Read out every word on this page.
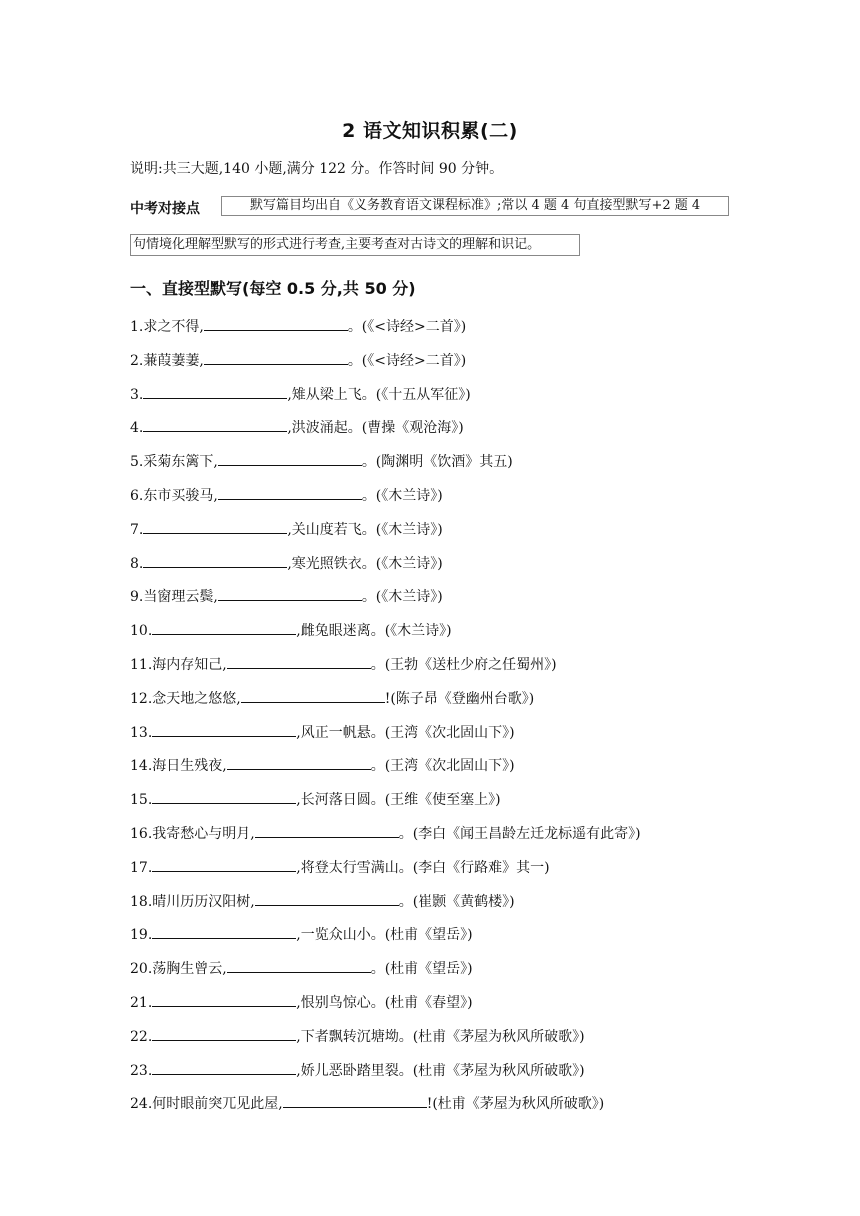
2 语文知识积累(二)
说明:共三大题,140 小题,满分 122 分。作答时间 90 分钟。
中考对接点	默写篇目均出自《义务教育语文课程标准》;常以 4 题 4 句直接型默写+2 题 4
句情境化理解型默写的形式进行考查,主要考查对古诗文的理解和识记。
一、直接型默写(每空 0.5 分,共 50 分)
1.求之不得,	。(《<诗经>二首》)
2.蒹葭萋萋,	。(《<诗经>二首》)
3.	,雉从梁上飞。(《十五从军征》)
4.	,洪波涌起。(曹操《观沧海》)
5.采菊东篱下,	。(陶渊明《饮酒》其五)
6.东市买骏马,	。(《木兰诗》)
7.	,关山度若飞。(《木兰诗》)
8.	,寒光照铁衣。(《木兰诗》)
9.当窗理云鬓,	。(《木兰诗》)
10.	,雌兔眼迷离。(《木兰诗》)
11.海内存知己,	。(王勃《送杜少府之任蜀州》)
12.念天地之悠悠,	!(陈子昂《登幽州台歌》)
13.	,风正一帆悬。(王湾《次北固山下》)
14.海日生残夜,	。(王湾《次北固山下》)
15.	,长河落日圆。(王维《使至塞上》)
16.我寄愁心与明月,	。(李白《闻王昌龄左迁龙标遥有此寄》)
17.	,将登太行雪满山。(李白《行路难》其一)
18.晴川历历汉阳树,	。(崔颢《黄鹤楼》)
19.	,一览众山小。(杜甫《望岳》)
20.荡胸生曾云,	。(杜甫《望岳》)
21.	,恨别鸟惊心。(杜甫《春望》)
22.	,下者飘转沉塘坳。(杜甫《茅屋为秋风所破歌》)
23.	,娇儿恶卧踏里裂。(杜甫《茅屋为秋风所破歌》)
24.何时眼前突兀见此屋,	!(杜甫《茅屋为秋风所破歌》)
